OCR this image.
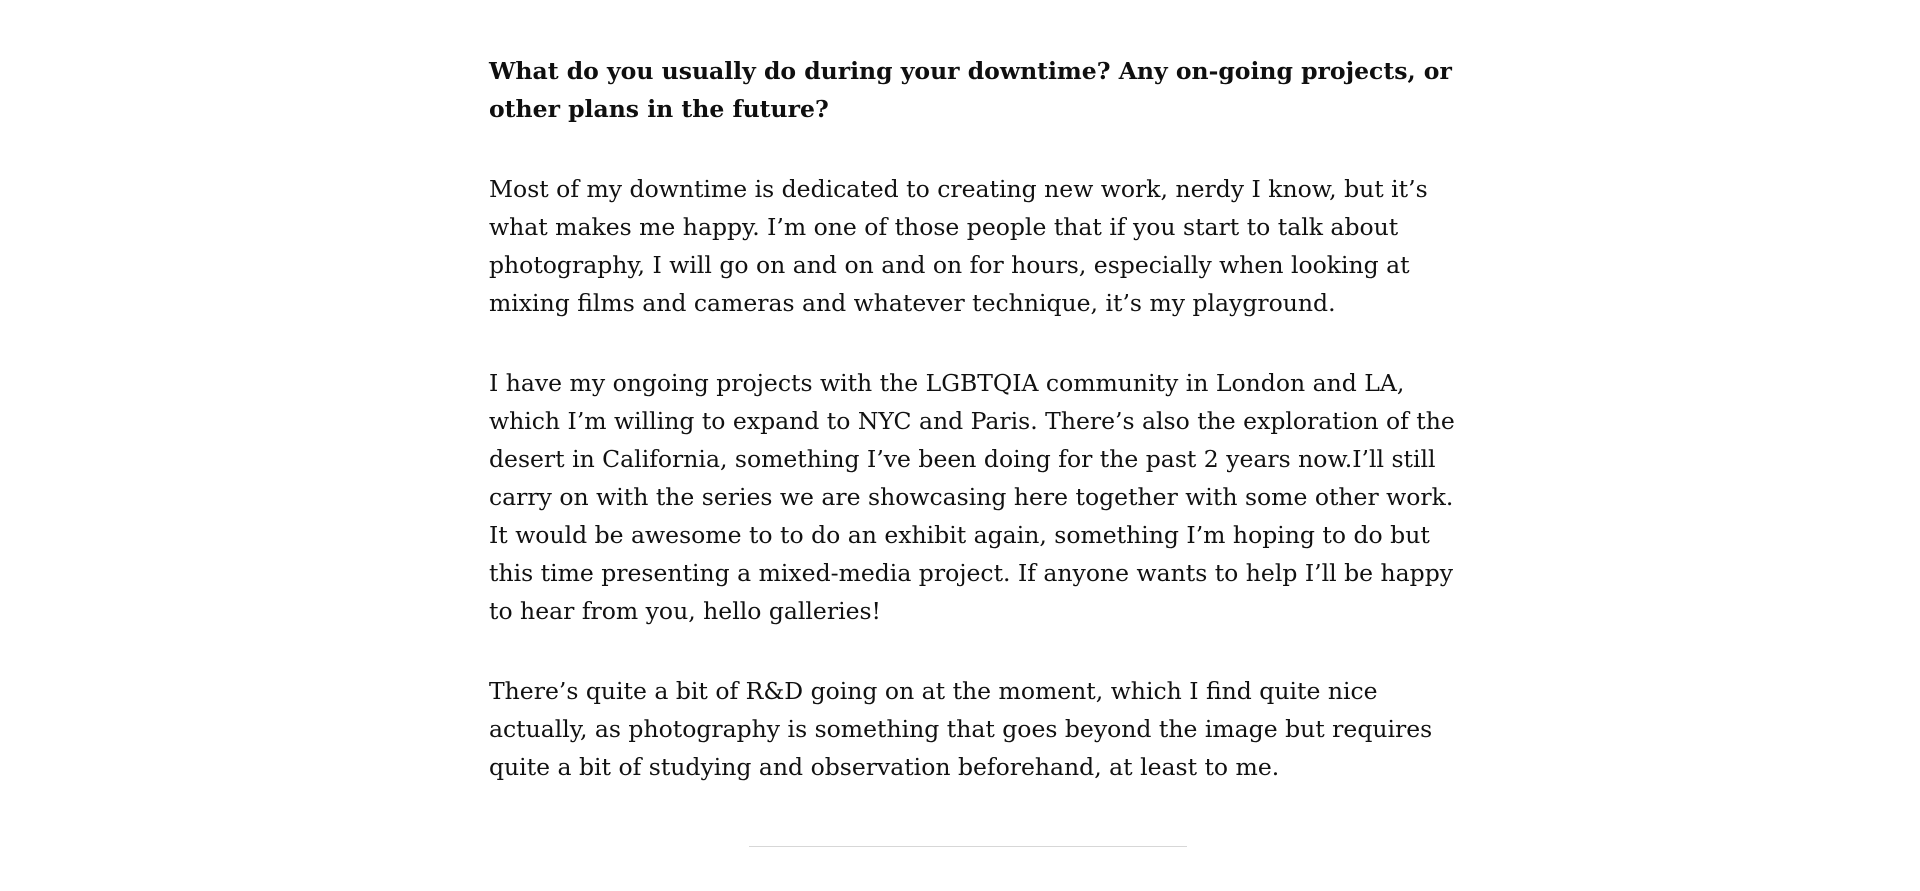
What do you usually do during your downtime? Any on-going projects, or other plans in the future?

Most of my downtime is dedicated to creating new work, nerdy I know, but it’s what makes me happy. I’m one of those people that if you start to talk about photography, I will go on and on and on for hours, especially when looking at mixing films and cameras and whatever technique, it’s my playground.

I have my ongoing projects with the LGBTQIA community in London and LA, which I’m willing to expand to NYC and Paris. There’s also the exploration of the desert in California, something I’ve been doing for the past 2 years now.I’ll still carry on with the series we are showcasing here together with some other work. It would be awesome to to do an exhibit again, something I’m hoping to do but this time presenting a mixed-media project. If anyone wants to help I’ll be happy to hear from you, hello galleries!

There’s quite a bit of R&D going on at the moment, which I find quite nice actually, as photography is something that goes beyond the image but requires quite a bit of studying and observation beforehand, at least to me.
